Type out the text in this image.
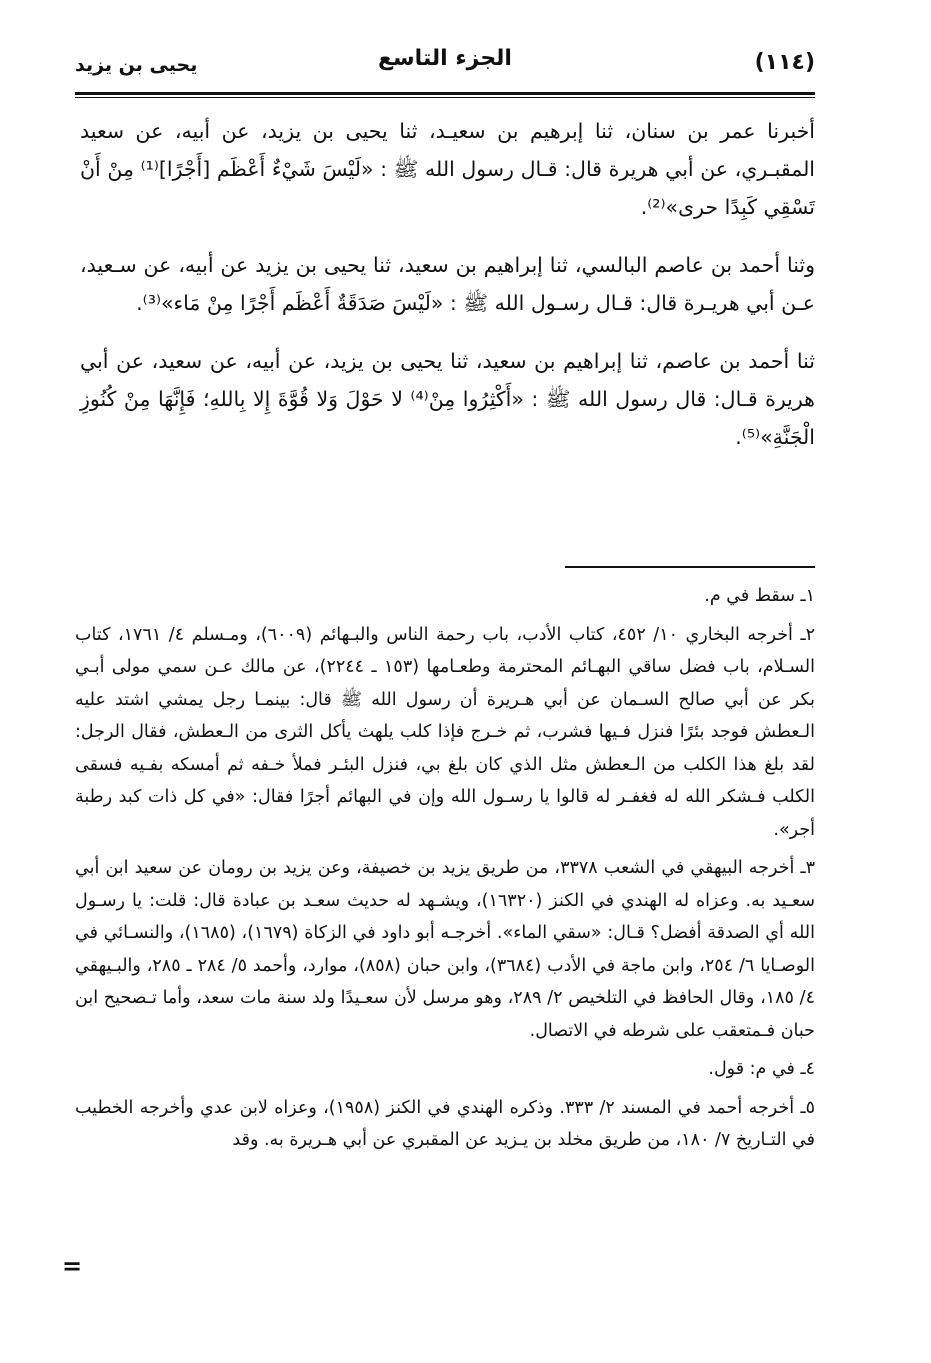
يحيى بن يزيد	الجزء التاسع	(١١٤)

أخبرنا عمر بن سنان، ثنا إبرهيم بن سعيـد، ثنا يحيى بن يزيد، عن أبيه، عن سعيد المقبـري، عن أبي هريرة قال: قـال رسول الله ﷺ : «لَيْسَ شَيْءٌ أَعْظَم [أَجْرًا]⁽¹⁾ مِنْ أَنْ تَسْقِي كَبِدًا حرى»⁽²⁾.

وثنا أحمد بن عاصم البالسي، ثنا إبراهيم بن سعيد، ثنا يحيى بن يزيد عن أبيه، عن سـعيد، عـن أبي هريـرة قال: قـال رسـول الله ﷺ : «لَيْسَ صَدَقَةٌ أَعْظَم أَجْرًا مِنْ مَاء»⁽³⁾.

ثنا أحمد بن عاصم، ثنا إبراهيم بن سعيد، ثنا يحيى بن يزيد، عن أبيه، عن سعيد، عن أبي هريرة قـال: قال رسول الله ﷺ : «أَكْثِرُوا مِنْ⁽⁴⁾ لا حَوْلَ وَلا قُوَّةَ إِلا بِاللهِ؛ فَإِنَّهَا مِنْ كُنُوزِ الْجَنَّةِ»⁽⁵⁾.

١ـ سقط في م.
٢ـ أخرجه البخاري ١٠/ ٤٥٢، كتاب الأدب، باب رحمة الناس والبـهائم (٦٠٠٩)، ومـسلم ٤/ ١٧٦١، كتاب السـلام، باب فضل ساقي البهـائم المحترمة وطعـامها (١٥٣ ـ ٢٢٤٤)، عن مالك عـن سمي مولى أبـي بكر عن أبي صالح السـمان عن أبي هـريرة أن رسول الله ﷺ قال: بينمـا رجل يمشي اشتد عليه الـعطش فوجد بئرًا فنزل فـيها فشرب، ثم خـرج فإذا كلب يلهث يأكل الثرى من الـعطش، فقال الرجل: لقد بلغ هذا الكلب من الـعطش مثل الذي كان بلغ بي، فنزل البئـر فملأ خـفه ثم أمسكه بفـيه فسقى الكلب فـشكر الله له فغفـر له قالوا يا رسـول الله وإن في البهائم أجرًا فقال: «في كل ذات كبد رطبة أجر».
٣ـ أخرجه البيهقي في الشعب ٣٣٧٨، من طريق يزيد بن خصيفة، وعن يزيد بن رومان عن سعيد ابن أبي سعـيد به. وعزاه له الهندي في الكنز (١٦٣٢٠)، ويشـهد له حديث سعـد بن عبادة قال: قلت: يا رسـول الله أي الصدقة أفضل؟ قـال: «سقي الماء». أخرجـه أبو داود في الزكاة (١٦٧٩)، (١٦٨٥)، والنسـائي في الوصـايا ٦/ ٢٥٤، وابن ماجة في الأدب (٣٦٨٤)، وابن حبان (٨٥٨)، موارد، وأحمد ٥/ ٢٨٤ ـ ٢٨٥، والبـيهقي ٤/ ١٨٥، وقال الحافظ في التلخيص ٢/ ٢٨٩، وهو مرسل لأن سعـيدًا ولد سنة مات سعد، وأما تـصحيح ابن حبان فـمتعقب على شرطه في الاتصال.
٤ـ في م: قول.
٥ـ أخرجه أحمد في المسند ٢/ ٣٣٣. وذكره الهندي في الكنز (١٩٥٨)، وعزاه لابن عدي وأخرجه الخطيب في التـاريخ ٧/ ١٨٠، من طريق مخلد بن يـزيد عن المقبري عن أبي هـريرة به. وقد
=
